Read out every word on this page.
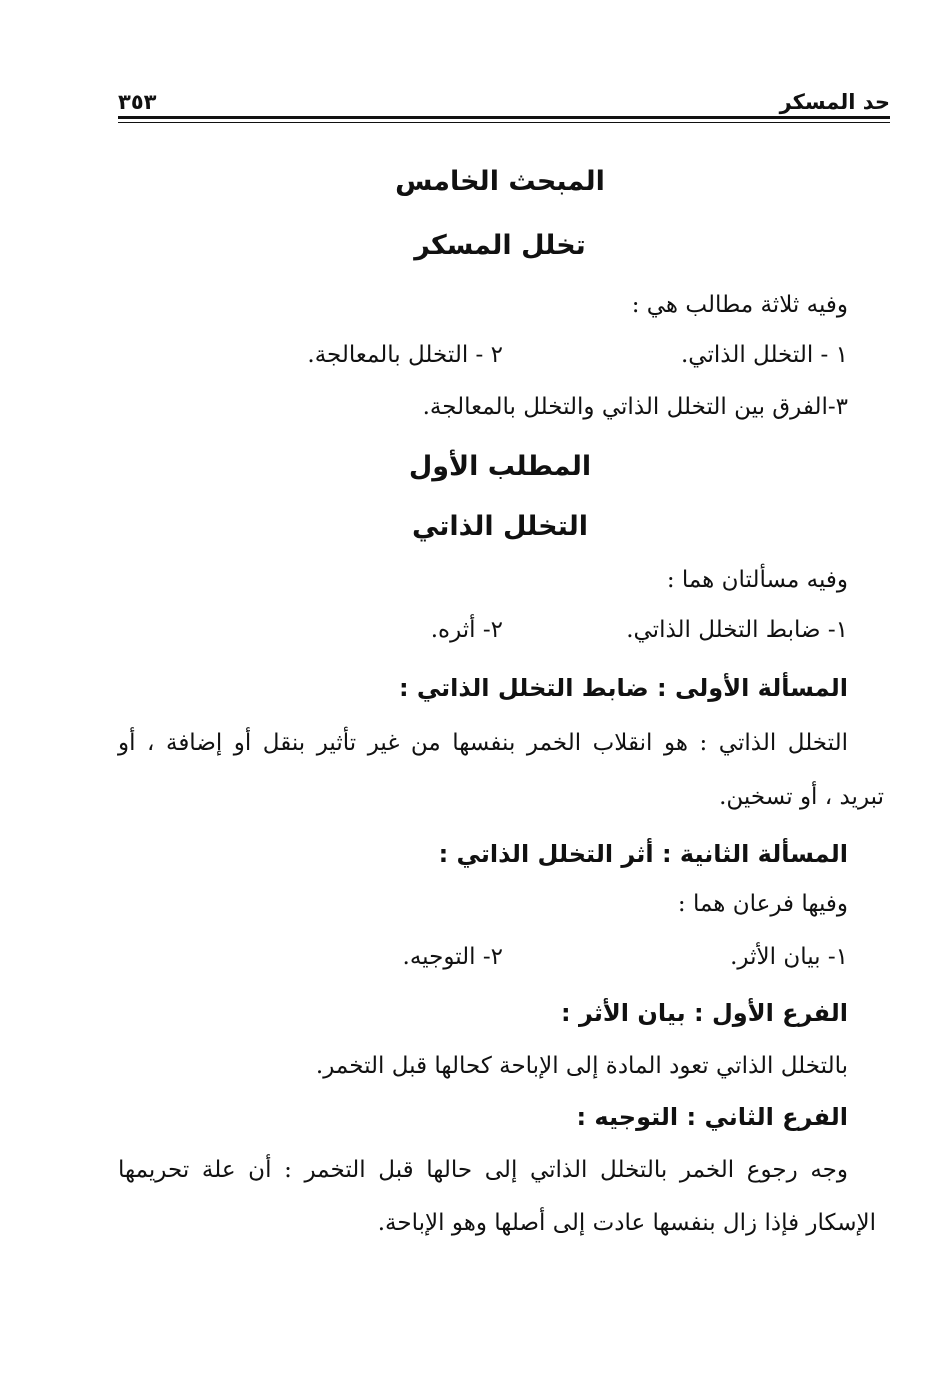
حد المسكر
٣٥٣
المبحث الخامس
تخلل المسكر
وفيه ثلاثة مطالب هي :
١ - التخلل الذاتي.
٢ - التخلل بالمعالجة.
٣-الفرق بين التخلل الذاتي والتخلل بالمعالجة.
المطلب الأول
التخلل الذاتي
وفيه مسألتان هما :
١- ضابط التخلل الذاتي.
٢- أثره.
المسألة الأولى : ضابط التخلل الذاتي :
التخلل الذاتي : هو انقلاب الخمر بنفسها من غير تأثير بنقل أو إضافة ، أو
تبريد ، أو تسخين.
المسألة الثانية : أثر التخلل الذاتي :
وفيها فرعان هما :
١- بيان الأثر.
٢- التوجيه.
الفرع الأول : بيان الأثر :
بالتخلل الذاتي تعود المادة إلى الإباحة كحالها قبل التخمر.
الفرع الثاني : التوجيه :
وجه رجوع الخمر بالتخلل الذاتي إلى حالها قبل التخمر : أن علة تحريمها
الإسكار فإذا زال بنفسها عادت إلى أصلها وهو الإباحة.
